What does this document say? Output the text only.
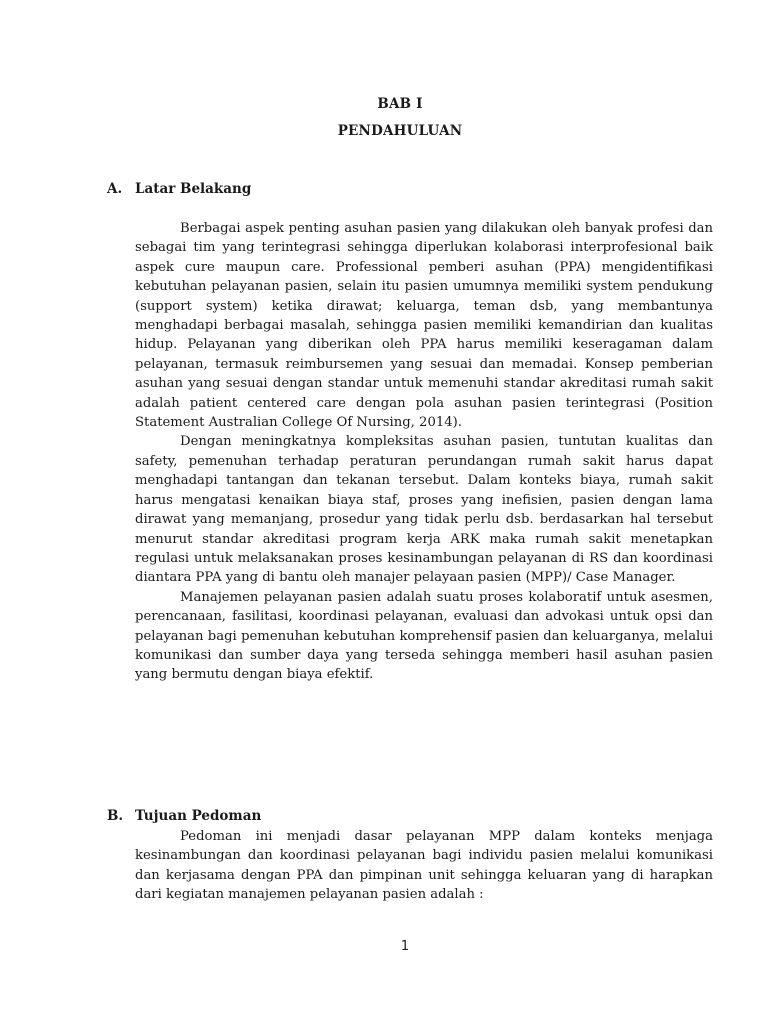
BAB I
PENDAHULUAN
A. Latar Belakang

Berbagai aspek penting asuhan pasien yang dilakukan oleh banyak profesi dan sebagai tim yang terintegrasi sehingga diperlukan kolaborasi interprofesional baik aspek cure maupun care. Professional pemberi asuhan (PPA) mengidentifikasi kebutuhan pelayanan pasien, selain itu pasien umumnya memiliki system pendukung (support system) ketika dirawat; keluarga, teman dsb, yang membantunya menghadapi berbagai masalah, sehingga pasien memiliki kemandirian dan kualitas hidup. Pelayanan yang diberikan oleh PPA harus memiliki keseragaman dalam pelayanan, termasuk reimbursemen yang sesuai dan memadai. Konsep pemberian asuhan yang sesuai dengan standar untuk memenuhi standar akreditasi rumah sakit adalah patient centered care dengan pola asuhan pasien terintegrasi (Position Statement Australian College Of Nursing, 2014).

Dengan meningkatnya kompleksitas asuhan pasien, tuntutan kualitas dan safety, pemenuhan terhadap peraturan perundangan rumah sakit harus dapat menghadapi tantangan dan tekanan tersebut. Dalam konteks biaya, rumah sakit harus mengatasi kenaikan biaya staf, proses yang inefisien, pasien dengan lama dirawat yang memanjang, prosedur yang tidak perlu dsb. berdasarkan hal tersebut menurut standar akreditasi program kerja ARK maka rumah sakit menetapkan regulasi untuk melaksanakan proses kesinambungan pelayanan di RS dan koordinasi diantara PPA yang di bantu oleh manajer pelayaan pasien (MPP)/ Case Manager.

Manajemen pelayanan pasien adalah suatu proses kolaboratif untuk asesmen, perencanaan, fasilitasi, koordinasi pelayanan, evaluasi dan advokasi untuk opsi dan pelayanan bagi pemenuhan kebutuhan komprehensif pasien dan keluarganya, melalui komunikasi dan sumber daya yang terseda sehingga memberi hasil asuhan pasien yang bermutu dengan biaya efektif.

B. Tujuan Pedoman

Pedoman ini menjadi dasar pelayanan MPP dalam konteks menjaga kesinambungan dan koordinasi pelayanan bagi individu pasien melalui komunikasi dan kerjasama dengan PPA dan pimpinan unit sehingga keluaran yang di harapkan dari kegiatan manajemen pelayanan pasien adalah :

1
